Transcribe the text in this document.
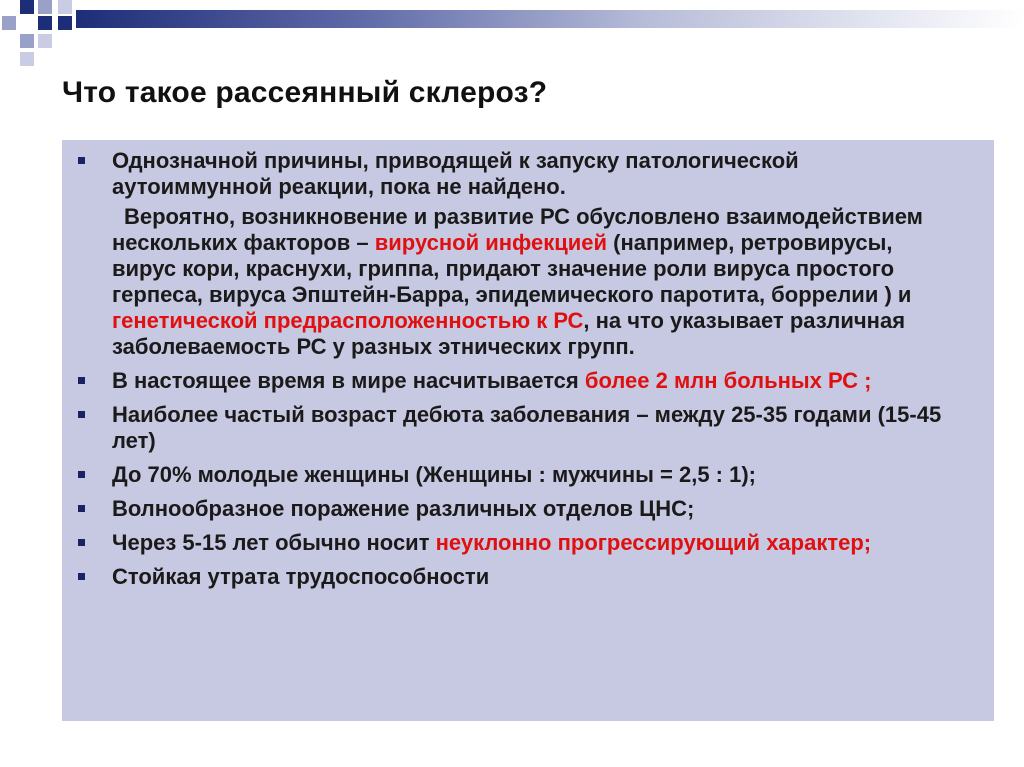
Что такое рассеянный склероз?
Однозначной причины, приводящей к запуску патологической аутоиммунной реакции, пока не найдено.
Вероятно, возникновение и развитие РС обусловлено взаимодействием нескольких факторов – вирусной инфекцией (например, ретровирусы, вирус кори, краснухи, гриппа, придают значение роли вируса простого герпеса, вируса Эпштейн-Барра, эпидемического паротита, боррелии ) и генетической предрасположенностью к РС, на что указывает различная заболеваемость РС у разных этнических групп.
В настоящее время в мире насчитывается более 2 млн больных РС ;
Наиболее частый возраст дебюта заболевания – между 25-35 годами (15-45 лет)
До 70% молодые женщины (Женщины : мужчины = 2,5 : 1);
Волнообразное поражение различных отделов ЦНС;
Через 5-15 лет обычно носит неуклонно прогрессирующий характер;
Стойкая утрата трудоспособности
